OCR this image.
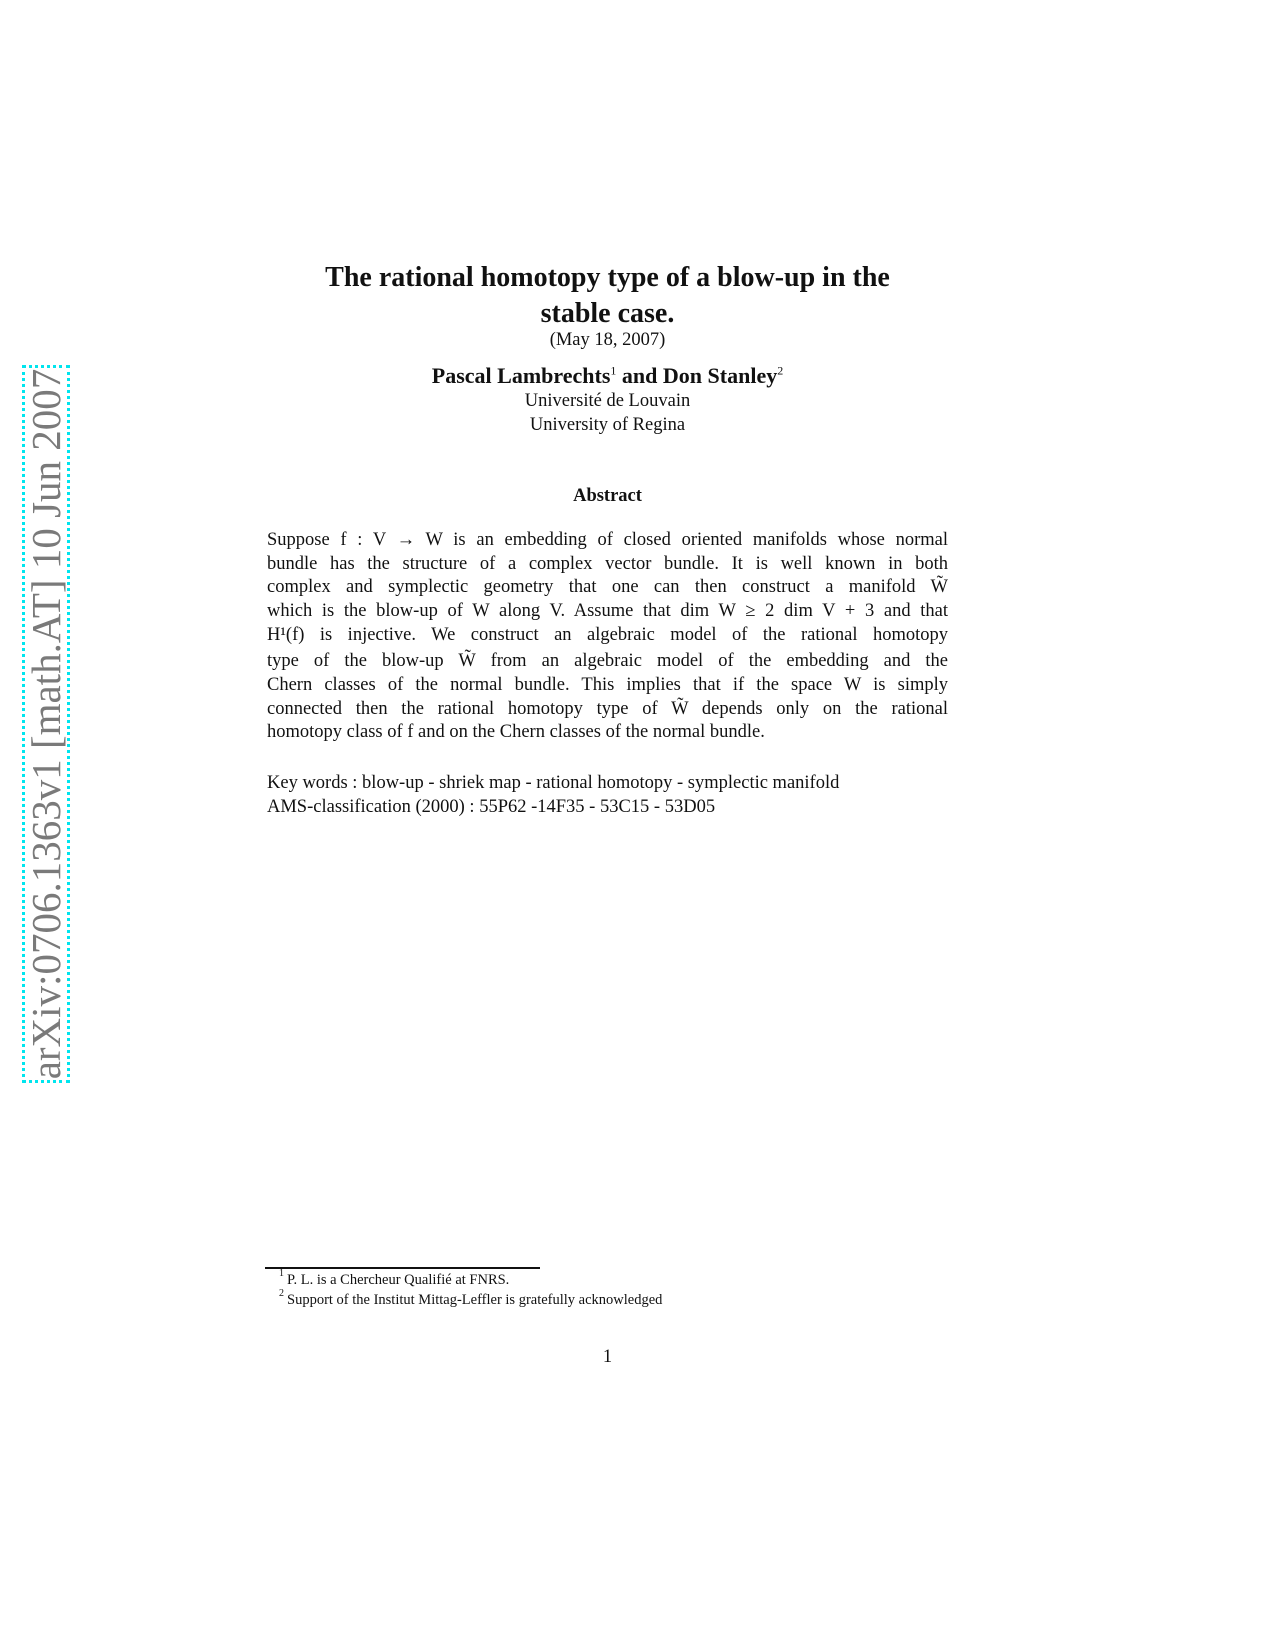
arXiv:0706.1363v1 [math.AT] 10 Jun 2007
The rational homotopy type of a blow-up in the
stable case.
(May 18, 2007)
Pascal Lambrechts$^1$ and Don Stanley$^2$
Université de Louvain
University of Regina
Abstract
Suppose f : V → W is an embedding of closed oriented manifolds whose normal
bundle has the structure of a complex vector bundle. It is well known in both
complex and symplectic geometry that one can then construct a manifold W̃
which is the blow-up of W along V. Assume that dim W ≥ 2 dim V + 3 and that
H¹(f) is injective. We construct an algebraic model of the rational homotopy
type of the blow-up W̃ from an algebraic model of the embedding and the
Chern classes of the normal bundle. This implies that if the space W is simply
connected then the rational homotopy type of W̃ depends only on the rational
homotopy class of f and on the Chern classes of the normal bundle.
Key words : blow-up - shriek map - rational homotopy - symplectic manifold
AMS-classification (2000) : 55P62 -14F35 - 53C15 - 53D05
1 P. L. is a Chercheur Qualifié at FNRS.
2 Support of the Institut Mittag-Leffler is gratefully acknowledged
1
